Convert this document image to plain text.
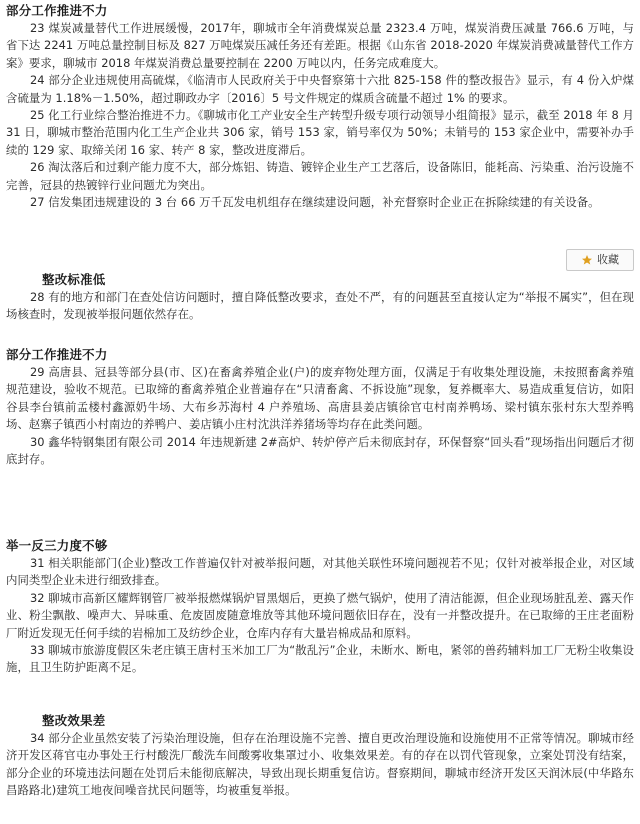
部分工作推进不力

23 煤炭减量替代工作进展缓慢，2017年，聊城市全年消费煤炭总量 2323.4 万吨，煤炭消费压减量 766.6 万吨，与省下达 2241 万吨总量控制目标及 827 万吨煤炭压减任务还有差距。根据《山东省 2018-2020 年煤炭消费减量替代工作方案》要求，聊城市 2018 年煤炭消费总量要控制在 2200 万吨以内，任务完成难度大。

24 部分企业违规使用高硫煤，《临清市人民政府关于中央督察第十六批 825-158 件的整改报告》显示，有 4 份入炉煤含硫量为 1.18%－1.50%，超过聊政办字〔2016〕5 号文件规定的煤质含硫量不超过 1% 的要求。

25 化工行业综合整治推进不力。《聊城市化工产业安全生产转型升级专项行动领导小组简报》显示，截至 2018 年 8 月 31 日，聊城市整治范围内化工生产企业共 306 家，销号 153 家，销号率仅为 50%；未销号的 153 家企业中，需要补办手续的 129 家、取缔关闭 16 家、转产 8 家，整改进度滞后。

26 淘汰落后和过剩产能力度不大，部分炼铝、铸造、镀锌企业生产工艺落后，设备陈旧，能耗高、污染重、治污设施不完善，冠县的热镀锌行业问题尤为突出。

27 信发集团违规建设的 3 台 66 万千瓦发电机组存在继续建设问题，补充督察时企业正在拆除续建的有关设备。

收藏
整改标准低

28 有的地方和部门在查处信访问题时，擅自降低整改要求，查处不严，有的问题甚至直接认定为“举报不属实”，但在现场核查时，发现被举报问题依然存在。

部分工作推进不力

29 高唐县、冠县等部分县(市、区)在畜禽养殖企业(户)的废弃物处理方面，仅满足于有收集处理设施，未按照畜禽养殖规范建设，验收不规范。已取缔的畜禽养殖企业普遍存在“只清畜禽、不拆设施”现象，复养概率大、易造成重复信访，如阳谷县李台镇前孟楼村鑫源奶牛场、大布乡苏海村 4 户养殖场、高唐县姜店镇徐官屯村南养鸭场、梁村镇东张村东大型养鸭场、赵寨子镇西小村南边的养鸭户、姜店镇小庄村沈洪洋养猪场等均存在此类问题。

30 鑫华特钢集团有限公司 2014 年违规新建 2#高炉、转炉停产后未彻底封存，环保督察“回头看”现场指出问题后才彻底封存。

举一反三力度不够

31 相关职能部门(企业)整改工作普遍仅针对被举报问题，对其他关联性环境问题视若不见；仅针对被举报企业，对区域内同类型企业未进行细致排查。

32 聊城市高新区耀辉钢管厂被举报燃煤锅炉冒黑烟后，更换了燃气锅炉，使用了清洁能源，但企业现场脏乱差、露天作业、粉尘飘散、噪声大、异味重、危废固废随意堆放等其他环境问题依旧存在，没有一并整改提升。在已取缔的王庄老面粉厂附近发现无任何手续的岩棉加工及纺纱企业，仓库内存有大量岩棉成品和原料。

33 聊城市旅游度假区朱老庄镇王唐村玉米加工厂为“散乱污”企业，未断水、断电，紧邻的兽药辅料加工厂无粉尘收集设施，且卫生防护距离不足。

整改效果差

34 部分企业虽然安装了污染治理设施，但存在治理设施不完善、擅自更改治理设施和设施使用不正常等情况。聊城市经济开发区蒋官屯办事处王行村酸洗厂酸洗车间酸雾收集罩过小、收集效果差。有的存在以罚代管现象，立案处罚没有结案，部分企业的环境违法问题在处罚后未能彻底解决，导致出现长期重复信访。督察期间，聊城市经济开发区天润沐辰(中华路东昌路路北)建筑工地夜间噪音扰民问题等，均被重复举报。
